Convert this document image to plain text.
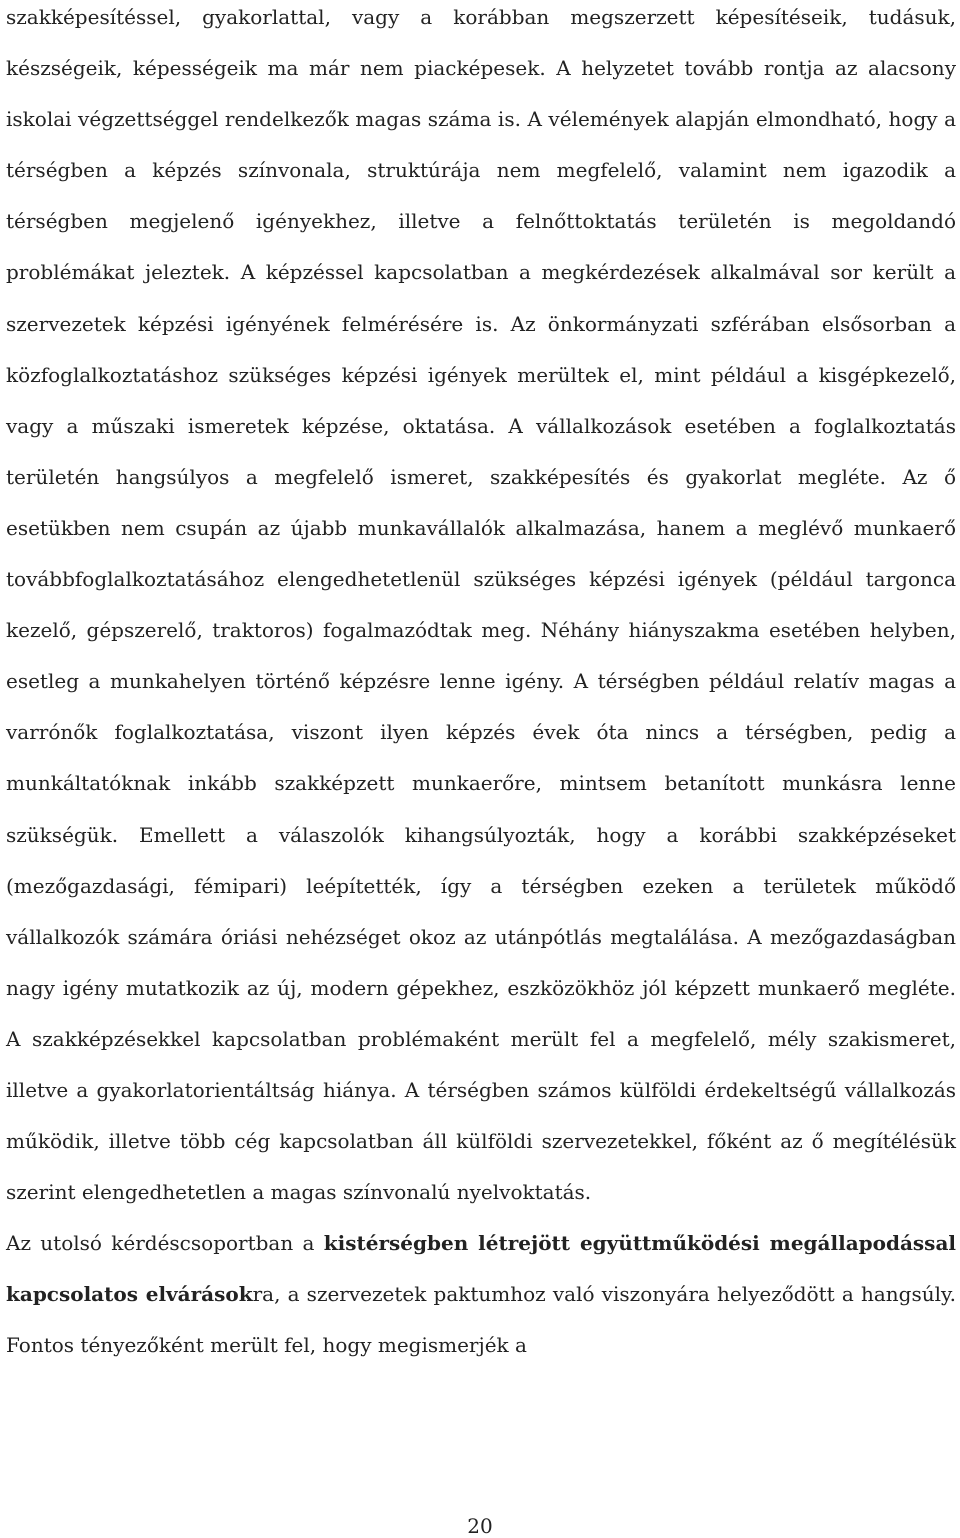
szakképesítéssel, gyakorlattal, vagy a korábban megszerzett képesítéseik, tudásuk, készségeik, képességeik ma már nem piacképesek. A helyzetet tovább rontja az alacsony iskolai végzettséggel rendelkezők magas száma is. A vélemények alapján elmondható, hogy a térségben a képzés színvonala, struktúrája nem megfelelő, valamint nem igazodik a térségben megjelenő igényekhez, illetve a felnőttoktatás területén is megoldandó problémákat jeleztek. A képzéssel kapcsolatban a megkérdezések alkalmával sor került a szervezetek képzési igényének felmérésére is. Az önkormányzati szférában elsősorban a közfoglalkoztatáshoz szükséges képzési igények merültek el, mint például a kisgépkezelő, vagy a műszaki ismeretek képzése, oktatása. A vállalkozások esetében a foglalkoztatás területén hangsúlyos a megfelelő ismeret, szakképesítés és gyakorlat megléte. Az ő esetükben nem csupán az újabb munkavállalók alkalmazása, hanem a meglévő munkaerő továbbfoglalkoztatásához elengedhetetlenül szükséges képzési igények (például targonca kezelő, gépszerelő, traktoros) fogalmazódtak meg. Néhány hiányszakma esetében helyben, esetleg a munkahelyen történő képzésre lenne igény. A térségben például relatív magas a varrónők foglalkoztatása, viszont ilyen képzés évek óta nincs a térségben, pedig a munkáltatóknak inkább szakképzett munkaerőre, mintsem betanított munkásra lenne szükségük. Emellett a válaszolók kihangsúlyozták, hogy a korábbi szakképzéseket (mezőgazdasági, fémipari) leépítették, így a térségben ezeken a területek működő vállalkozók számára óriási nehézséget okoz az utánpótlás megtalálása. A mezőgazdaságban nagy igény mutatkozik az új, modern gépekhez, eszközökhöz jól képzett munkaerő megléte. A szakképzésekkel kapcsolatban problémaként merült fel a megfelelő, mély szakismeret, illetve a gyakorlatorientáltság hiánya. A térségben számos külföldi érdekeltségű vállalkozás működik, illetve több cég kapcsolatban áll külföldi szervezetekkel, főként az ő megítélésük szerint elengedhetetlen a magas színvonalú nyelvoktatás.

Az utolsó kérdéscsoportban a kistérségben létrejött együttműködési megállapodással kapcsolatos elvárásokra, a szervezetek paktumhoz való viszonyára helyeződött a hangsúly. Fontos tényezőként merült fel, hogy megismerjék a

20
